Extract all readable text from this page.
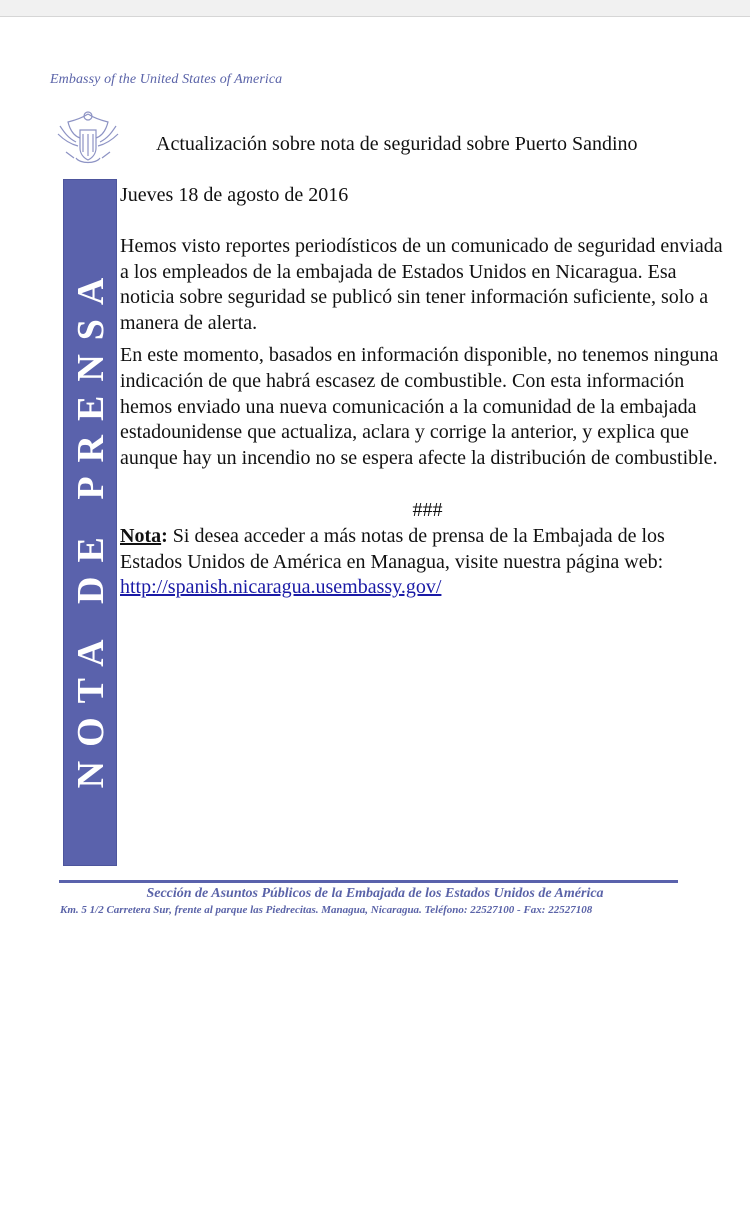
Embassy of the United States of America
Actualización sobre nota de seguridad sobre Puerto Sandino
NOTA DE PRENSA

Jueves 18 de agosto de 2016

Hemos visto reportes periodísticos de un comunicado de seguridad enviada a los empleados de la embajada de Estados Unidos en Nicaragua. Esa noticia sobre seguridad se publicó sin tener información suficiente, solo a manera de alerta.

En este momento, basados en información disponible, no tenemos ninguna indicación de que habrá escasez de combustible. Con esta información hemos enviado una nueva comunicación a la comunidad de la embajada estadounidense que actualiza, aclara y corrige la anterior, y explica que aunque hay un incendio no se espera afecte la distribución de combustible.

###

Nota: Si desea acceder a más notas de prensa de la Embajada de los Estados Unidos de América en Managua, visite nuestra página web: http://spanish.nicaragua.usembassy.gov/

Sección de Asuntos Públicos de la Embajada de los Estados Unidos de América
Km. 5 1/2 Carretera Sur, frente al parque las Piedrecitas. Managua, Nicaragua. Teléfono: 22527100 - Fax: 22527108
